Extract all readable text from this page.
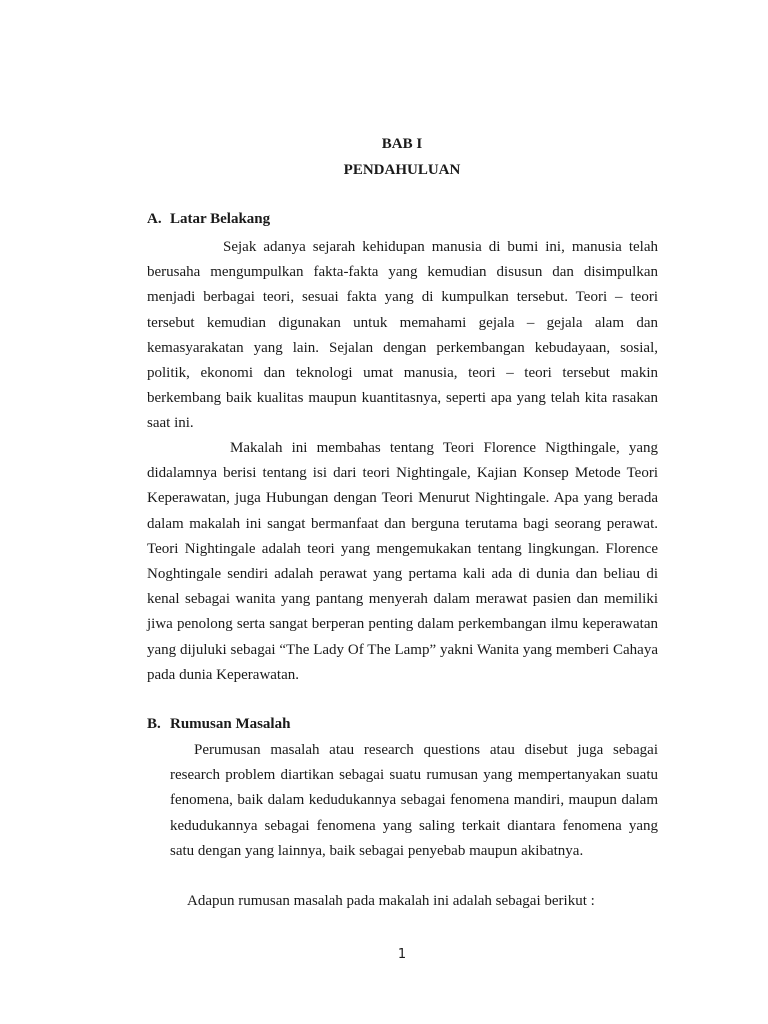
BAB I
PENDAHULUAN
A. Latar Belakang

Sejak adanya sejarah kehidupan manusia di bumi ini, manusia telah berusaha mengumpulkan fakta-fakta yang kemudian disusun dan disimpulkan menjadi berbagai teori, sesuai fakta yang di kumpulkan tersebut. Teori – teori tersebut kemudian digunakan untuk memahami gejala – gejala alam dan kemasyarakatan yang lain. Sejalan dengan perkembangan kebudayaan, sosial, politik, ekonomi dan teknologi umat manusia, teori – teori tersebut makin berkembang baik kualitas maupun kuantitasnya, seperti apa yang telah kita rasakan saat ini.

Makalah ini membahas tentang Teori Florence Nigthingale, yang didalamnya berisi tentang isi dari teori Nightingale, Kajian Konsep Metode Teori Keperawatan, juga Hubungan dengan Teori Menurut Nightingale. Apa yang berada dalam makalah ini sangat bermanfaat dan berguna terutama bagi seorang perawat. Teori Nightingale adalah teori yang mengemukakan tentang lingkungan. Florence Noghtingale sendiri adalah perawat yang pertama kali ada di dunia dan beliau di kenal sebagai wanita yang pantang menyerah dalam merawat pasien dan memiliki jiwa penolong serta sangat berperan penting dalam perkembangan ilmu keperawatan yang dijuluki sebagai “The Lady Of The Lamp” yakni Wanita yang memberi Cahaya pada dunia Keperawatan.

B. Rumusan Masalah

Perumusan masalah atau research questions atau disebut juga sebagai research problem diartikan sebagai suatu rumusan yang mempertanyakan suatu fenomena, baik dalam kedudukannya sebagai fenomena mandiri, maupun dalam kedudukannya sebagai fenomena yang saling terkait diantara fenomena yang satu dengan yang lainnya, baik sebagai penyebab maupun akibatnya.

Adapun rumusan masalah pada makalah ini adalah sebagai berikut :

1
